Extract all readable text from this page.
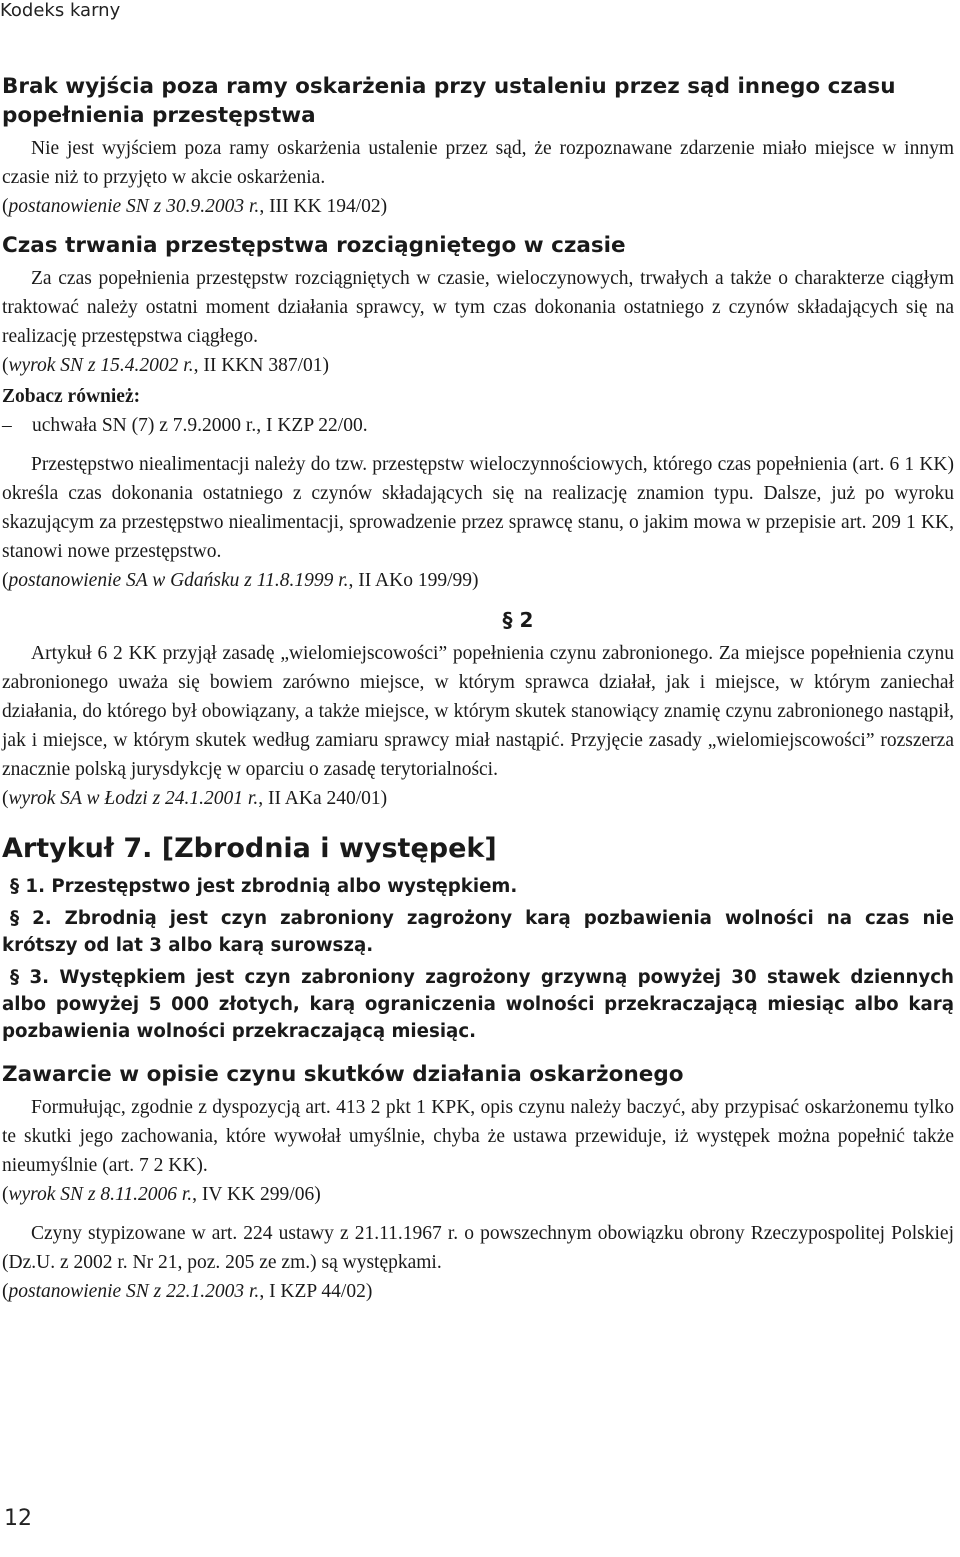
Kodeks karny
Brak wyjścia poza ramy oskarżenia przy ustaleniu przez sąd innego czasu popełnienia przestępstwa

Nie jest wyjściem poza ramy oskarżenia ustalenie przez sąd, że rozpoznawane zdarzenie miało miejsce w innym czasie niż to przyjęto w akcie oskarżenia.

(postanowienie SN z 30.9.2003 r., III KK 194/02)

Czas trwania przestępstwa rozciągniętego w czasie

Za czas popełnienia przestępstw rozciągniętych w czasie, wieloczynowych, trwałych a także o charakterze ciągłym traktować należy ostatni moment działania sprawcy, w tym czas dokonania ostatniego z czynów składających się na realizację przestępstwa ciągłego.

(wyrok SN z 15.4.2002 r., II KKN 387/01)

Zobacz również:

– uchwała SN (7) z 7.9.2000 r., I KZP 22/00.

Przestępstwo niealimentacji należy do tzw. przestępstw wieloczynnościowych, którego czas popełnienia (art. 6 1 KK) określa czas dokonania ostatniego z czynów składających się na realizację znamion typu. Dalsze, już po wyroku skazującym za przestępstwo niealimentacji, sprowadzenie przez sprawcę stanu, o jakim mowa w przepisie art. 209 1 KK, stanowi nowe przestępstwo.

(postanowienie SA w Gdańsku z 11.8.1999 r., II AKo 199/99)

§ 2

Artykuł 6 2 KK przyjął zasadę „wielomiejscowości” popełnienia czynu zabronionego. Za miejsce popełnienia czynu zabronionego uważa się bowiem zarówno miejsce, w którym sprawca działał, jak i miejsce, w którym zaniechał działania, do którego był obowiązany, a także miejsce, w którym skutek stanowiący znamię czynu zabronionego nastąpił, jak i miejsce, w którym skutek według zamiaru sprawcy miał nastąpić. Przyjęcie zasady „wielomiejscowości” rozszerza znacznie polską jurysdykcję w oparciu o zasadę terytorialności.

(wyrok SA w Łodzi z 24.1.2001 r., II AKa 240/01)

Artykuł 7. [Zbrodnia i występek]

§ 1. Przestępstwo jest zbrodnią albo występkiem.

§ 2. Zbrodnią jest czyn zabroniony zagrożony karą pozbawienia wolności na czas nie krótszy od lat 3 albo karą surowszą.

§ 3. Występkiem jest czyn zabroniony zagrożony grzywną powyżej 30 stawek dziennych albo powyżej 5 000 złotych, karą ograniczenia wolności przekraczającą miesiąc albo karą pozbawienia wolności przekraczającą miesiąc.

Zawarcie w opisie czynu skutków działania oskarżonego

Formułując, zgodnie z dyspozycją art. 413 2 pkt 1 KPK, opis czynu należy baczyć, aby przypisać oskarżonemu tylko te skutki jego zachowania, które wywołał umyślnie, chyba że ustawa przewiduje, iż występek można popełnić także nieumyślnie (art. 7 2 KK).

(wyrok SN z 8.11.2006 r., IV KK 299/06)

Czyny stypizowane w art. 224 ustawy z 21.11.1967 r. o powszechnym obowiązku obrony Rzeczypospolitej Polskiej (Dz.U. z 2002 r. Nr 21, poz. 205 ze zm.) są występkami.

(postanowienie SN z 22.1.2003 r., I KZP 44/02)

12
